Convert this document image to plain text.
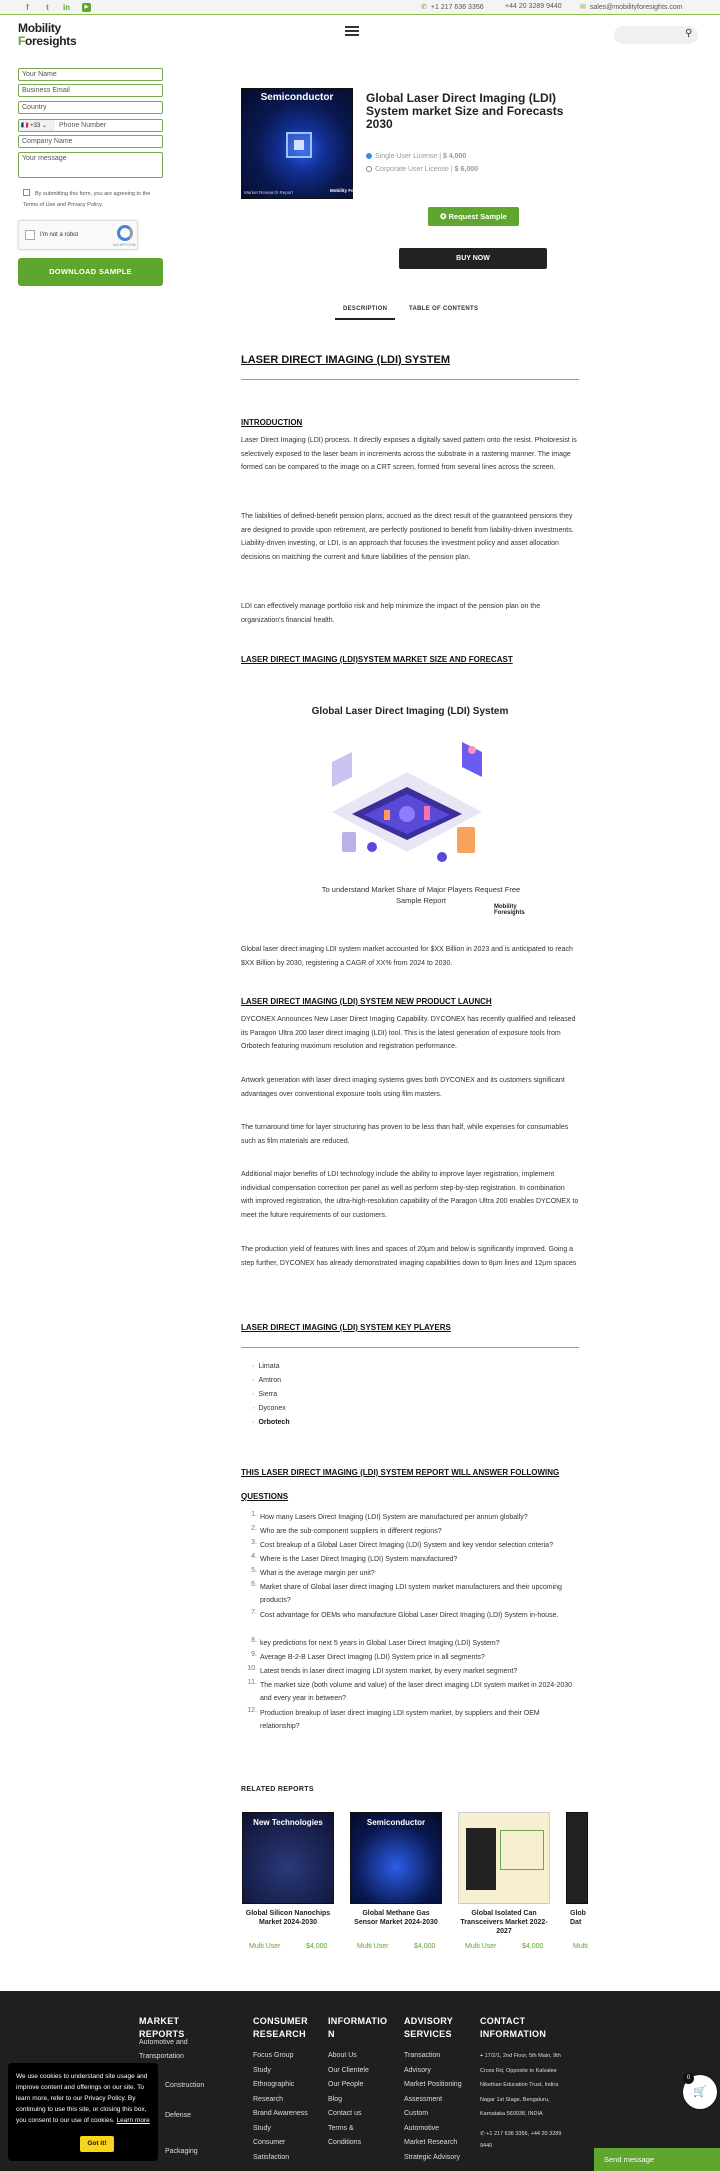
f	t	in	▶	✆ +1 217 636 3356	+44 20 3289 9440	✉ sales@mobilityforesights.com
Mobility
Foresights
⚲
Your Name
Business Email
Country
Phone Number
🇫🇷 +33 ⌄
Company Name
Your message
By submitting this form, you are agreeing to the Terms of Use and Privacy Policy.
I'm not a robot
reCAPTCHA
DOWNLOAD SAMPLE
Semiconductor
Market Research Report	Mobility Foresights
Global Laser Direct Imaging (LDI) System market Size and Forecasts 2030
Single User License | $ 4,000
Corporate User License | $ 6,000
✪ Request Sample
BUY NOW
DESCRIPTION	TABLE OF CONTENTS
LASER DIRECT IMAGING (LDI) SYSTEM
INTRODUCTION
Laser Direct Imaging (LDI) process. It directly exposes a digitally saved pattern onto the resist. Photoresist is selectively exposed to the laser beam in increments across the substrate in a rastering manner. The image formed can be compared to the image on a CRT screen, formed from several lines across the screen.
The liabilities of defined-benefit pension plans, accrued as the direct result of the guaranteed pensions they are designed to provide upon retirement, are perfectly positioned to benefit from liability-driven investments. Liability-driven investing, or LDI, is an approach that focuses the investment policy and asset allocation decisions on matching the current and future liabilities of the pension plan.
LDI can effectively manage portfolio risk and help minimize the impact of the pension plan on the organization's financial health.
LASER DIRECT IMAGING (LDI)SYSTEM MARKET SIZE AND FORECAST
Global Laser Direct Imaging (LDI) System
To understand Market Share of Major Players Request Free Sample Report
Mobility
Foresights
Global laser direct imaging LDI system market accounted for $XX Billion in 2023 and is anticipated to reach $XX Billion by 2030, registering a CAGR of XX% from 2024 to 2030.
LASER DIRECT IMAGING (LDI) SYSTEM NEW PRODUCT LAUNCH
DYCONEX Announces New Laser Direct Imaging Capability. DYCONEX has recently qualified and released its Paragon Ultra 200 laser direct imaging (LDI) tool. This is the latest generation of exposure tools from Orbotech featuring maximum resolution and registration performance.
Artwork generation with laser direct imaging systems gives both DYCONEX and its customers significant advantages over conventional exposure tools using film masters.
The turnaround time for layer structuring has proven to be less than half, while expenses for consumables such as film materials are reduced.
Additional major benefits of LDI technology include the ability to improve layer registration, implement individual compensation correction per panel as well as perform step-by-step registration. In combination with improved registration, the ultra-high-resolution capability of the Paragon Ultra 200 enables DYCONEX to meet the future requirements of our customers.
The production yield of features with lines and spaces of 20µm and below is significantly improved. Going a step further, DYCONEX has already demonstrated imaging capabilities down to 8µm lines and 12µm spaces
LASER DIRECT IMAGING (LDI) SYSTEM KEY PLAYERS
◦ Limata
◦ Amtron
◦ Sierra
◦ Dyconex
◦ Orbotech
THIS LASER DIRECT IMAGING (LDI) SYSTEM REPORT WILL ANSWER FOLLOWING QUESTIONS
1. How many Lasers Direct Imaging (LDI) System are manufactured per annum globally?
2. Who are the sub-component suppliers in different regions?
3. Cost breakup of a Global Laser Direct Imaging (LDI) System and key vendor selection criteria?
4. Where is the Laser Direct Imaging (LDI) System manufactured?
5. What is the average margin per unit?
6. Market share of Global laser direct imaging LDI system market manufacturers and their upcoming products?
7. Cost advantage for OEMs who manufacture Global Laser Direct Imaging (LDI) System in-house.
8. key predictions for next 5 years in Global Laser Direct Imaging (LDI) System?
9. Average B-2-B Laser Direct Imaging (LDI) System price in all segments?
10. Latest trends in laser direct imaging LDI system market, by every market segment?
11. The market size (both volume and value) of the laser direct imaging LDI system market in 2024-2030 and every year in between?
12. Production breakup of laser direct imaging LDI system market, by suppliers and their OEM relationship?
RELATED REPORTS
New Technologies
Global Silicon Nanochips Market 2024-2030
Multi User	$4,000
Semiconductor
Global Methane Gas Sensor Market 2024-2030
Multi User	$4,000
Global Isolated Can Transceivers Market 2022-2027
Multi User	$4,000
Glob Dat
Multi
MARKET REPORTS
Automotive and
Transportation
Construction
Defense
Packaging
CONSUMER RESEARCH
Focus Group
Study
Ethnographic
Research
Brand Awareness
Study
Consumer
Satisfaction
INFORMATIO N
About Us
Our Clientele
Our People
Blog
Contact us
Terms &
Conditions
ADVISORY SERVICES
Transaction
Advisory
Market Positioning
Assessment
Custom
Automotive
Market Research
Strategic Advisory
CONTACT INFORMATION
⌖ 17/2/1, 2nd Floor, 5th Main, 9th
Cross Rd, Opposite to Kalvalee
Nikethan Education Trust, Indira
Nagar 1st Stage, Bengaluru,
Karnataka 560038, INDIA
✆ +1 217 636 3356, +44 20 3289
9440
We use cookies to understand site usage and improve content and offerings on our site. To learn more, refer to our Privacy Policy. By continuing to use this site, or closing this box, you consent to our use of cookies. Learn more
Got it!
🛒
0
Send message
